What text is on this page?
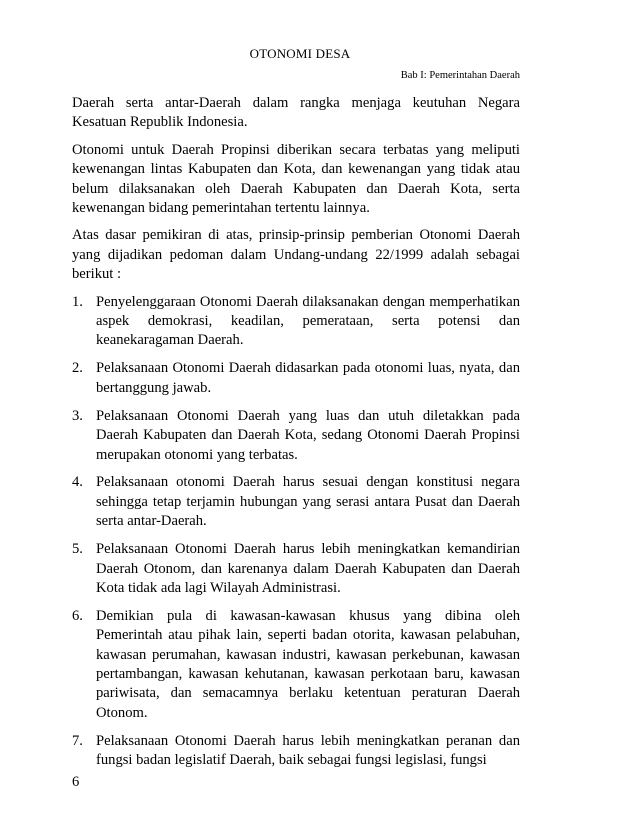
OTONOMI DESA
Bab I: Pemerintahan Daerah

Daerah serta antar-Daerah dalam rangka menjaga keutuhan Negara Kesatuan Republik Indonesia.

Otonomi untuk Daerah Propinsi diberikan secara terbatas yang meliputi kewenangan lintas Kabupaten dan Kota, dan kewenangan yang tidak atau belum dilaksanakan oleh Daerah Kabupaten dan Daerah Kota, serta kewenangan bidang pemerintahan tertentu lainnya.

Atas dasar pemikiran di atas, prinsip-prinsip pemberian Otonomi Daerah yang dijadikan pedoman dalam Undang-undang 22/1999 adalah sebagai berikut :

1. Penyelenggaraan Otonomi Daerah dilaksanakan dengan memperhatikan aspek demokrasi, keadilan, pemerataan, serta potensi dan keanekaragaman Daerah.
2. Pelaksanaan Otonomi Daerah didasarkan pada otonomi luas, nyata, dan bertanggung jawab.
3. Pelaksanaan Otonomi Daerah yang luas dan utuh diletakkan pada Daerah Kabupaten dan Daerah Kota, sedang Otonomi Daerah Propinsi merupakan otonomi yang terbatas.
4. Pelaksanaan otonomi Daerah harus sesuai dengan konstitusi negara sehingga tetap terjamin hubungan yang serasi antara Pusat dan Daerah serta antar-Daerah.
5. Pelaksanaan Otonomi Daerah harus lebih meningkatkan kemandirian Daerah Otonom, dan karenanya dalam Daerah Kabupaten dan Daerah Kota tidak ada lagi Wilayah Administrasi.
6. Demikian pula di kawasan-kawasan khusus yang dibina oleh Pemerintah atau pihak lain, seperti badan otorita, kawasan pelabuhan, kawasan perumahan, kawasan industri, kawasan perkebunan, kawasan pertambangan, kawasan kehutanan, kawasan perkotaan baru, kawasan pariwisata, dan semacamnya berlaku ketentuan peraturan Daerah Otonom.
7. Pelaksanaan Otonomi Daerah harus lebih meningkatkan peranan dan fungsi badan legislatif Daerah, baik sebagai fungsi legislasi, fungsi
6
